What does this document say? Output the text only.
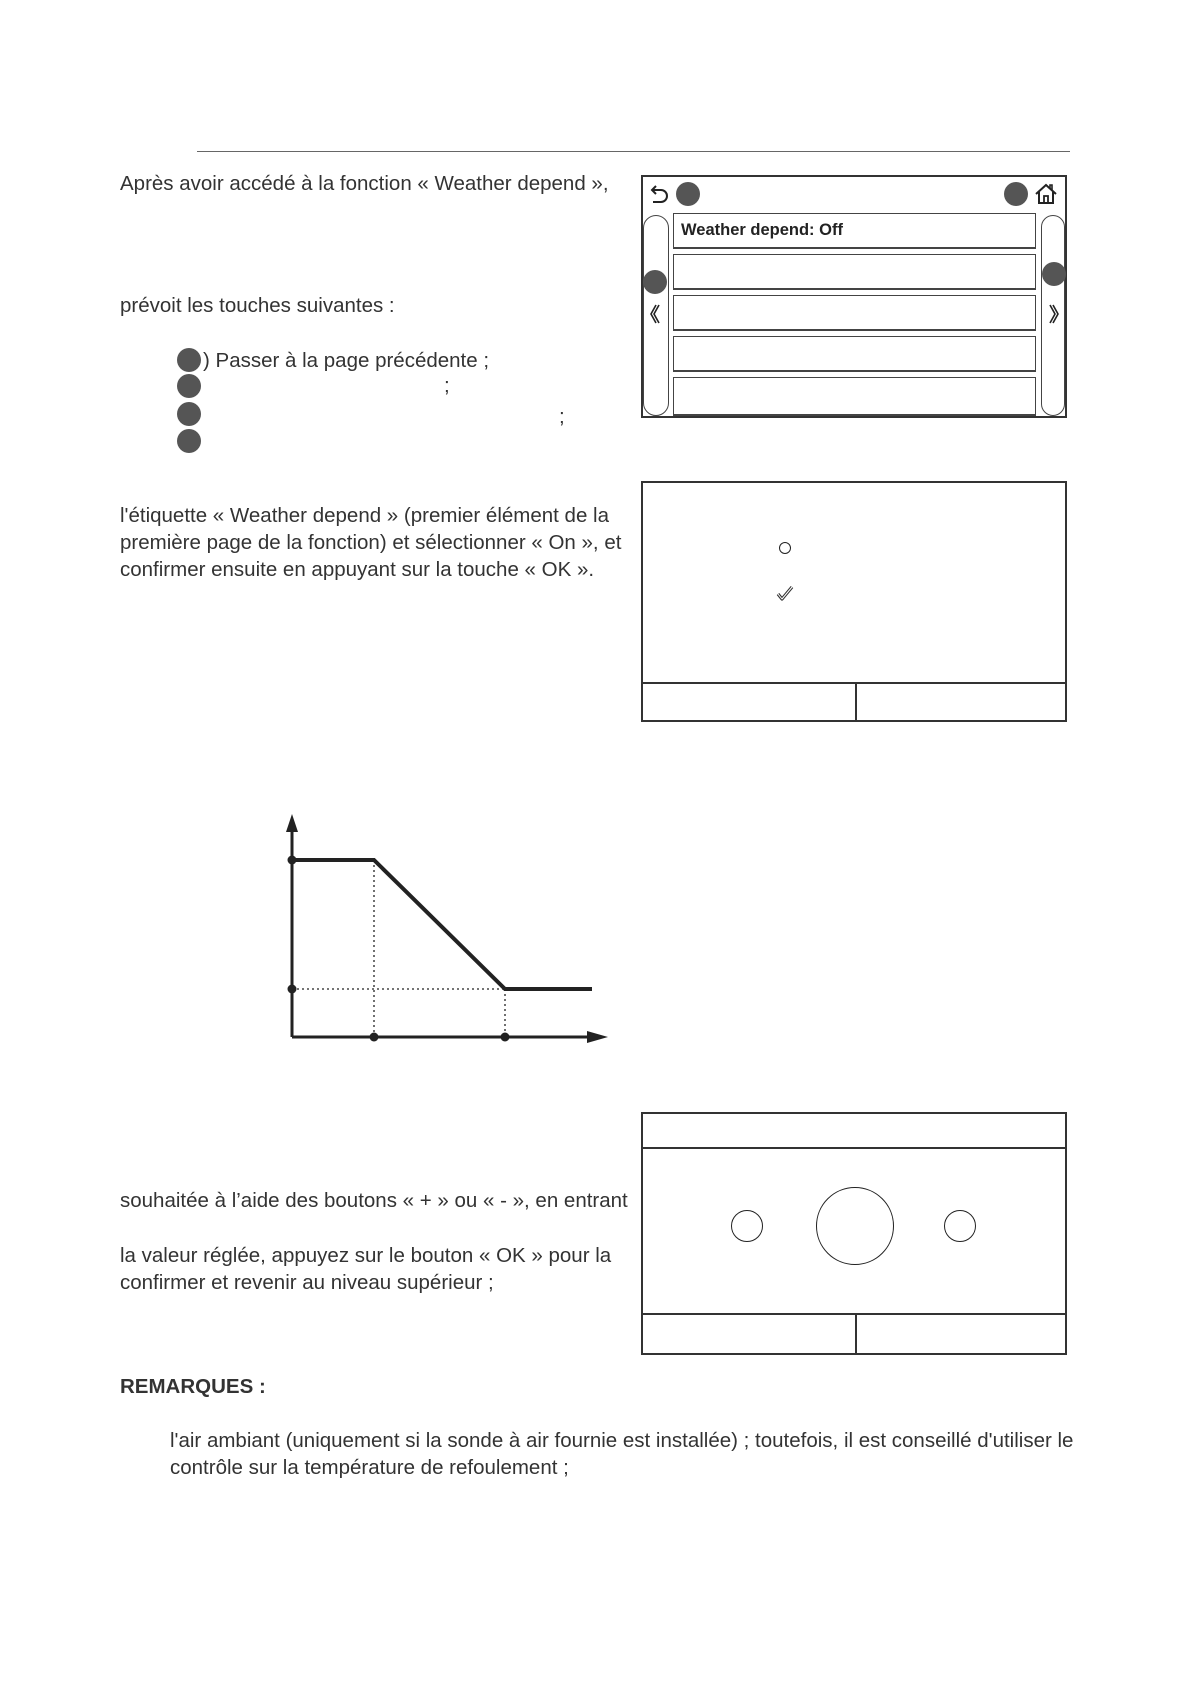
Après avoir accédé à la fonction « Weather depend »,
prévoit les touches suivantes :
) Passer à la page précédente ;
;
;
l'étiquette « Weather depend » (premier élément de la
première page de la fonction) et sélectionner « On », et
confirmer ensuite en appuyant sur la touche « OK ».
Weather depend: Off
souhaitée à l’aide des boutons « + » ou « - », en entrant
la valeur réglée, appuyez sur le bouton « OK » pour la
confirmer et revenir au niveau supérieur ;
REMARQUES :
l'air ambiant (uniquement si la sonde à air fournie est installée) ; toutefois, il est conseillé d'utiliser le
contrôle sur la température de refoulement ;
